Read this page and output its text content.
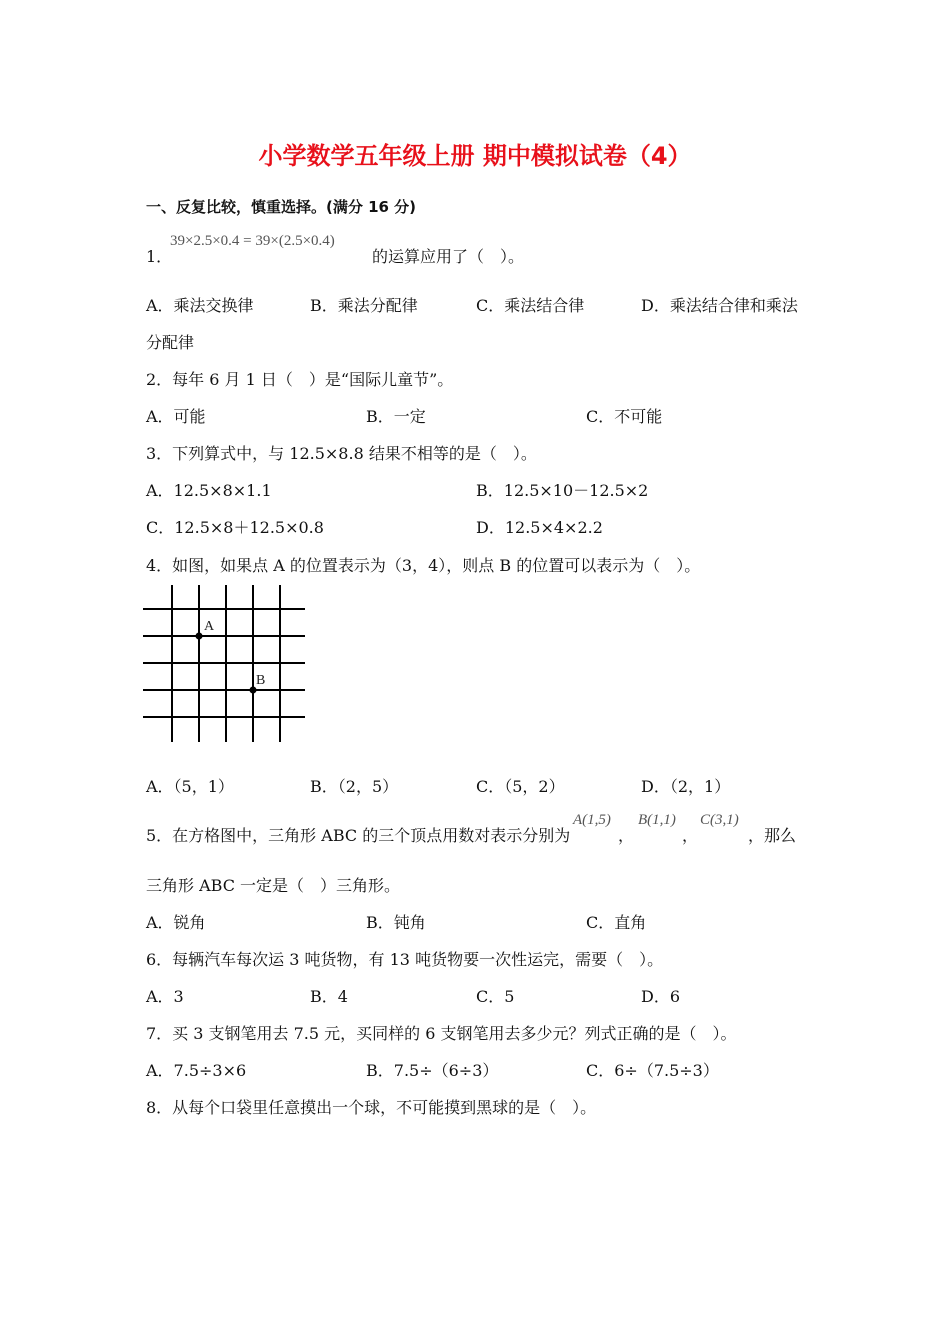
小学数学五年级上册 期中模拟试卷（4）
一、反复比较，慎重选择。(满分 16 分)
1．
39×2.5×0.4 = 39×(2.5×0.4)
的运算应用了（　）。
A．乘法交换律	B．乘法分配律	C．乘法结合律	D．乘法结合律和乘法
分配律
2．每年 6 月 1 日（　）是“国际儿童节”。
A．可能	B．一定	C．不可能
3．下列算式中，与 12.5×8.8 结果不相等的是（　）。
A．12.5×8×1.1	B．12.5×10－12.5×2
C．12.5×8＋12.5×0.8	D．12.5×4×2.2
4．如图，如果点 A 的位置表示为（3，4），则点 B 的位置可以表示为（　）。
A
B
A．（5，1）	B．（2，5）	C．（5，2）	D．（2，1）
5．在方格图中，三角形 ABC 的三个顶点用数对表示分别为
A(1,5)
，
B(1,1)
，
C(3,1)
，那么
三角形 ABC 一定是（　）三角形。
A．锐角	B．钝角	C．直角
6．每辆汽车每次运 3 吨货物，有 13 吨货物要一次性运完，需要（　）。
A．3	B．4	C．5	D．6
7．买 3 支钢笔用去 7.5 元，买同样的 6 支钢笔用去多少元？列式正确的是（　）。
A．7.5÷3×6	B．7.5÷（6÷3）	C．6÷（7.5÷3）
8．从每个口袋里任意摸出一个球，不可能摸到黑球的是（　）。
